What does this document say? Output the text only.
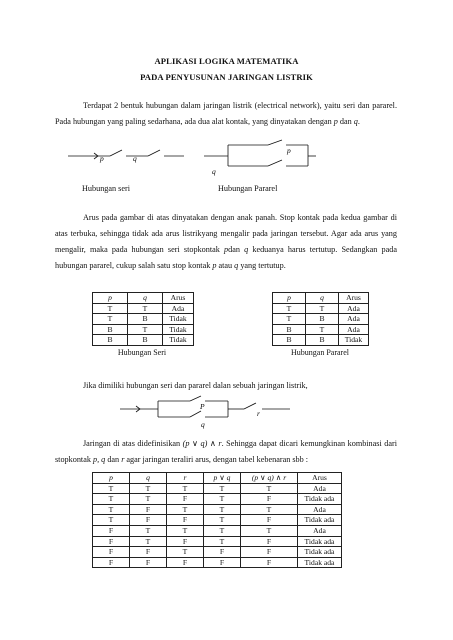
APLIKASI LOGIKA MATEMATIKA
PADA PENYUSUNAN JARINGAN LISTRIK

Terdapat 2 bentuk hubungan dalam jaringan listrik (electrical network), yaitu seri dan pararel. Pada hubungan yang paling sedarhana, ada dua alat kontak, yang dinyatakan dengan p dan q.

p	q
p
q
Hubungan seri	Hubungan Pararel

Arus pada gambar di atas dinyatakan dengan anak panah. Stop kontak pada kedua gambar di atas terbuka, sehingga tidak ada arus listrikyang mengalir pada jaringan tersebut. Agar ada arus yang mengalir, maka pada hubungan seri stopkontak pdan q keduanya harus tertutup. Sedangkan pada hubungan pararel, cukup salah satu stop kontak p atau q yang tertutup.

p	q	Arus
T	T	Ada
T	B	Tidak
B	T	Tidak
B	B	Tidak
Hubungan Seri
p	q	Arus
T	T	Ada
T	B	Ada
B	T	Ada
B	B	Tidak
Hubungan Pararel

Jika dimiliki hubungan seri dan pararel dalan sebuah jaringan listrik,

P
q
r

Jaringan di atas didefinisikan (p ∨ q) ∧ r. Sehingga dapat dicari kemungkinan kombinasi dari stopkontak p, q dan r agar jaringan teraliri arus, dengan tabel kebenaran sbb :

p	q	r	p ∨ q	(p ∨ q) ∧ r	Arus
T	T	T	T	T	Ada
T	T	F	T	F	Tidak ada
T	F	T	T	T	Ada
T	F	F	T	F	Tidak ada
F	T	T	T	T	Ada
F	T	F	T	F	Tidak ada
F	F	T	F	F	Tidak ada
F	F	F	F	F	Tidak ada
